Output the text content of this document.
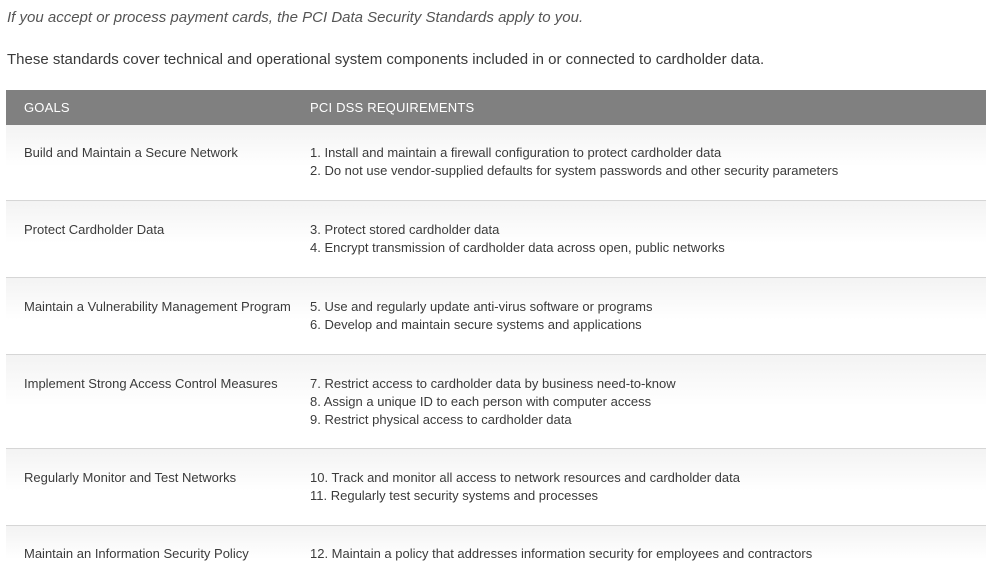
If you accept or process payment cards, the PCI Data Security Standards apply to you.
These standards cover technical and operational system components included in or connected to cardholder data.
GOALS	PCI DSS REQUIREMENTS
Build and Maintain a Secure Network	1. Install and maintain a firewall configuration to protect cardholder data
2. Do not use vendor-supplied defaults for system passwords and other security parameters
Protect Cardholder Data	3. Protect stored cardholder data
4. Encrypt transmission of cardholder data across open, public networks
Maintain a Vulnerability Management Program	5. Use and regularly update anti-virus software or programs
6. Develop and maintain secure systems and applications
Implement Strong Access Control Measures	7. Restrict access to cardholder data by business need-to-know
8. Assign a unique ID to each person with computer access
9. Restrict physical access to cardholder data
Regularly Monitor and Test Networks	10. Track and monitor all access to network resources and cardholder data
11. Regularly test security systems and processes
Maintain an Information Security Policy	12. Maintain a policy that addresses information security for employees and contractors
